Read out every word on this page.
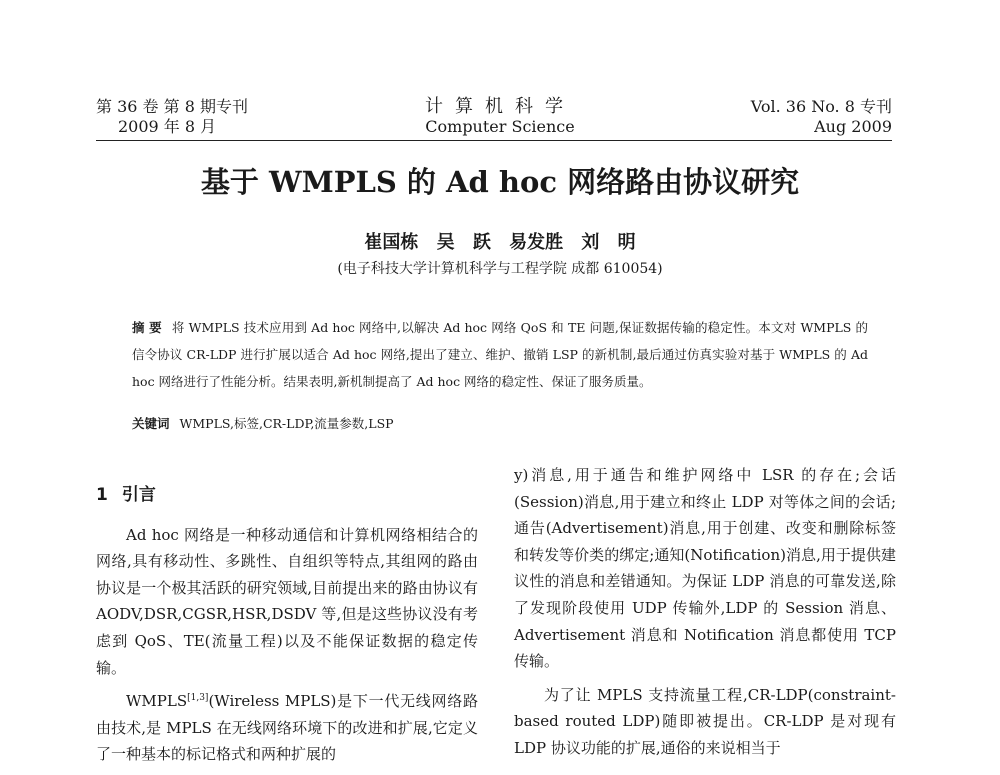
第 36 卷 第 8 期专刊
2009 年 8 月
计算机科学
Computer Science
Vol. 36 No. 8 专刊
Aug 2009
基于 WMPLS 的 Ad hoc 网络路由协议研究
崔国栋 吴 跃 易发胜 刘 明
(电子科技大学计算机科学与工程学院 成都 610054)
摘 要 将 WMPLS 技术应用到 Ad hoc 网络中,以解决 Ad hoc 网络 QoS 和 TE 问题,保证数据传输的稳定性。本文对 WMPLS 的信令协议 CR-LDP 进行扩展以适合 Ad hoc 网络,提出了建立、维护、撤销 LSP 的新机制,最后通过仿真实验对基于 WMPLS 的 Ad hoc 网络进行了性能分析。结果表明,新机制提高了 Ad hoc 网络的稳定性、保证了服务质量。
关键词 WMPLS,标签,CR-LDP,流量参数,LSP
1 引言

Ad hoc 网络是一种移动通信和计算机网络相结合的网络,具有移动性、多跳性、自组织等特点,其组网的路由协议是一个极其活跃的研究领域,目前提出来的路由协议有 AODV,DSR,CGSR,HSR,DSDV 等,但是这些协议没有考虑到 QoS、TE(流量工程)以及不能保证数据的稳定传输。

WMPLS[1,3](Wireless MPLS)是下一代无线网络路由技术,是 MPLS 在无线网络环境下的改进和扩展,它定义了一种基本的标记格式和两种扩展的

y)消息,用于通告和维护网络中 LSR 的存在;会话(Session)消息,用于建立和终止 LDP 对等体之间的会话;通告(Advertisement)消息,用于创建、改变和删除标签和转发等价类的绑定;通知(Notification)消息,用于提供建议性的消息和差错通知。为保证 LDP 消息的可靠发送,除了发现阶段使用 UDP 传输外,LDP 的 Session 消息、Advertisement 消息和 Notification 消息都使用 TCP 传输。

为了让 MPLS 支持流量工程,CR-LDP(constraint-based routed LDP)随即被提出。CR-LDP 是对现有 LDP 协议功能的扩展,通俗的来说相当于
